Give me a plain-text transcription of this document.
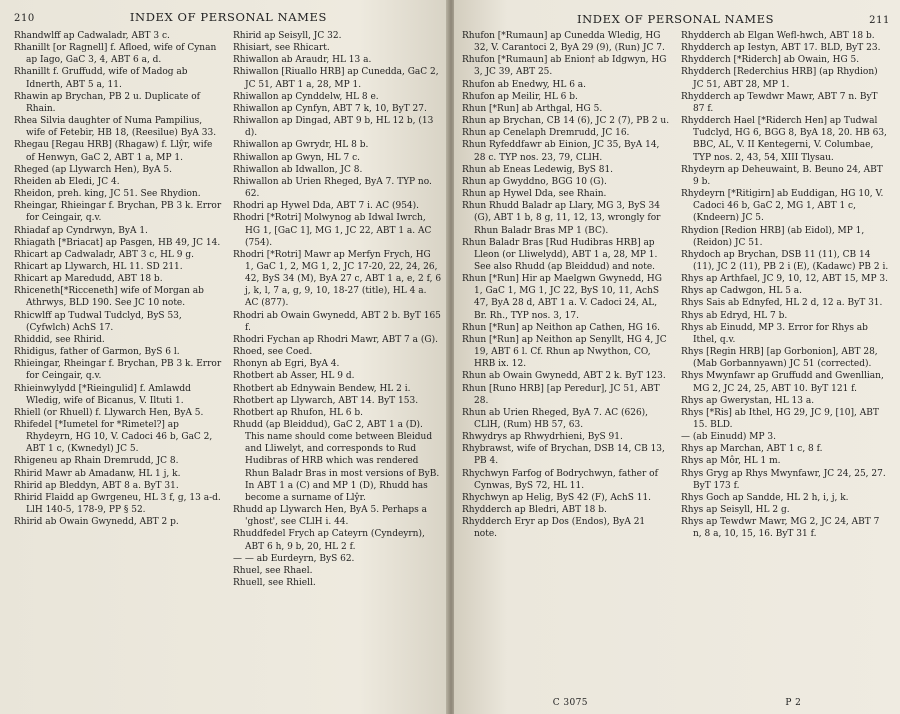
210	INDEX OF PERSONAL NAMES

Rhandwlff ap Cadwaladr, ABT 3 c.

Rhanillt [or Ragnell] f. Afloed, wife of Cynan ap Iago, GaC 3, 4, ABT 6 a, d.

Rhanillt f. Gruffudd, wife of Madog ab Idnerth, ABT 5 a, 11.

Rhawin ap Brychan, PB 2 u. Duplicate of Rhain.

Rhea Silvia daughter of Numa Pampilius, wife of Fetebir, HB 18, (Reesilue) ByA 33.

Rhegau [Regau HRB] (Rhagaw) f. Llŷr, wife of Henwyn, GaC 2, ABT 1 a, MP 1.

Rheged (ap Llywarch Hen), ByA 5.

Rheiden ab Eledi, JC 4.

Rheidon, preh. king, JC 51. See Rhydion.

Rheingar, Rhieingar f. Brychan, PB 3 k. Error for Ceingair, q.v.

Rhiadaf ap Cyndrwyn, ByA 1.

Rhiagath [*Briacat] ap Pasgen, HB 49, JC 14.

Rhicart ap Cadwaladr, ABT 3 c, HL 9 g.

Rhicart ap Llywarch, HL 11. SD 211.

Rhicart ap Maredudd, ABT 18 b.

Rhiceneth[*Ricceneth] wife of Morgan ab Athrwys, BLD 190. See JC 10 note.

Rhicwlff ap Tudwal Tudclyd, ByS 53, (Cyfwlch) AchS 17.

Rhiddid, see Rhirid.

Rhidigus, father of Garmon, ByS 6 l.

Rhieingar, Rheingar f. Brychan, PB 3 k. Error for Ceingair, q.v.

Rhieinwylydd [*Rieingulid] f. Amlawdd Wledig, wife of Bicanus, V. Iltuti 1.

Rhiell (or Rhuell) f. Llywarch Hen, ByA 5.

Rhifedel [*Iumetel for *Rimetel?] ap Rhydeyrn, HG 10, V. Cadoci 46 b, GaC 2, ABT 1 c, (Kwnedyl) JC 5.

Rhigeneu ap Rhain Dremrudd, JC 8.

Rhirid Mawr ab Amadanw, HL 1 j, k.

Rhirid ap Bleddyn, ABT 8 a. ByT 31.

Rhirid Flaidd ap Gwrgeneu, HL 3 f, g, 13 a-d. LlH 140-5, 178-9, PP § 52.

Rhirid ab Owain Gwynedd, ABT 2 p.

Rhirid ap Seisyll, JC 32.

Rhisiart, see Rhicart.

Rhiwallon ab Araudr, HL 13 a.

Rhiwallon [Riuallo HRB] ap Cunedda, GaC 2, JC 51, ABT 1 a, 28, MP 1.

Rhiwallon ap Cynddelw, HL 8 e.

Rhiwallon ap Cynfyn, ABT 7 k, 10, ByT 27.

Rhiwallon ap Dingad, ABT 9 b, HL 12 b, (13 d).

Rhiwallon ap Gwrydr, HL 8 b.

Rhiwallon ap Gwyn, HL 7 c.

Rhiwallon ab Idwallon, JC 8.

Rhiwallon ab Urien Rheged, ByA 7. TYP no. 62.

Rhodri ap Hywel Dda, ABT 7 i. AC (954).

Rhodri [*Rotri] Molwynog ab Idwal Iwrch, HG 1, [GaC 1], MG 1, JC 22, ABT 1 a. AC (754).

Rhodri [*Rotri] Mawr ap Merfyn Frych, HG 1, GaC 1, 2, MG 1, 2, JC 17-20, 22, 24, 26, 42, ByS 34 (M), ByA 27 c, ABT 1 a, e, 2 f, 6 j, k, l, 7 a, g, 9, 10, 18-27 (title), HL 4 a. AC (877).

Rhodri ab Owain Gwynedd, ABT 2 b. ByT 165 f.

Rhodri Fychan ap Rhodri Mawr, ABT 7 a (G).

Rhoed, see Coed.

Rhonyn ab Egri, ByA 4.

Rhotbert ab Asser, HL 9 d.

Rhotbert ab Ednywain Bendew, HL 2 i.

Rhotbert ap Llywarch, ABT 14. ByT 153.

Rhotbert ap Rhufon, HL 6 b.

Rhudd (ap Bleiddud), GaC 2, ABT 1 a (D). This name should come between Bleidud and Lliwelyt, and corresponds to Rud Hudibras of HRB which was rendered Rhun Baladr Bras in most versions of ByB. In ABT 1 a (C) and MP 1 (D), Rhudd has become a surname of Llŷr.

Rhudd ap Llywarch Hen, ByA 5. Perhaps a 'ghost', see CLlH i. 44.

Rhuddfedel Frych ap Cateyrn (Cyndeyrn), ABT 6 h, 9 b, 20, HL 2 f.

— — ab Eurdeyrn, ByS 62.

Rhuel, see Rhael.

Rhuell, see Rhiell.

INDEX OF PERSONAL NAMES	211

Rhufon [*Rumaun] ap Cunedda Wledig, HG 32, V. Carantoci 2, ByA 29 (9), (Run) JC 7.

Rhufon [*Rumaun] ab Enion† ab Idgwyn, HG 3, JC 39, ABT 25.

Rhufon ab Enedwy, HL 6 a.

Rhufon ap Meilir, HL 6 b.

Rhun [*Run] ab Arthgal, HG 5.

Rhun ap Brychan, CB 14 (6), JC 2 (7), PB 2 u.

Rhun ap Cenelaph Dremrudd, JC 16.

Rhun Ryfeddfawr ab Einion, JC 35, ByA 14, 28 c. TYP nos. 23, 79, CLlH.

Rhun ab Eneas Ledewig, ByS 81.

Rhun ap Gwyddno, BGG 10 (G).

Rhun ap Hywel Dda, see Rhain.

Rhun Rhudd Baladr ap Llary, MG 3, ByS 34 (G), ABT 1 b, 8 g, 11, 12, 13, wrongly for Rhun Baladr Bras MP 1 (BC).

Rhun Baladr Bras [Rud Hudibras HRB] ap Lleon (or Lliwelydd), ABT 1 a, 28, MP 1. See also Rhudd (ap Bleiddud) and note.

Rhun [*Run] Hir ap Maelgwn Gwynedd, HG 1, GaC 1, MG 1, JC 22, ByS 10, 11, AchS 47, ByA 28 d, ABT 1 a. V. Cadoci 24, AL, Br. Rh., TYP nos. 3, 17.

Rhun [*Run] ap Neithon ap Cathen, HG 16.

Rhun [*Run] ap Neithon ap Senyllt, HG 4, JC 19, ABT 6 l. Cf. Rhun ap Nwython, CO, HRB ix. 12.

Rhun ab Owain Gwynedd, ABT 2 k. ByT 123.

Rhun [Runo HRB] [ap Peredur], JC 51, ABT 28.

Rhun ab Urien Rheged, ByA 7. AC (626), CLlH, (Rum) HB 57, 63.

Rhwydrys ap Rhwydrhieni, ByS 91.

Rhybrawst, wife of Brychan, DSB 14, CB 13, PB 4.

Rhychwyn Farfog of Bodrychwyn, father of Cynwas, ByS 72, HL 11.

Rhychwyn ap Helig, ByS 42 (F), AchS 11.

Rhydderch ap Bledri, ABT 18 b.

Rhydderch Eryr ap Dos (Endos), ByA 21 note.

Rhydderch ab Elgan Wefl-hwch, ABT 18 b.

Rhydderch ap Iestyn, ABT 17. BLD, ByT 23.

Rhydderch [*Riderch] ab Owain, HG 5.

Rhydderch [Rederchius HRB] (ap Rhydion) JC 51, ABT 28, MP 1.

Rhydderch ap Tewdwr Mawr, ABT 7 n. ByT 87 f.

Rhydderch Hael [*Riderch Hen] ap Tudwal Tudclyd, HG 6, BGG 8, ByA 18, 20. HB 63, BBC, AL, V. II Kentegerni, V. Columbae, TYP nos. 2, 43, 54, XIII Tlysau.

Rhydeyrn ap Deheuwaint, B. Beuno 24, ABT 9 b.

Rhydeyrn [*Ritigirn] ab Euddigan, HG 10, V. Cadoci 46 b, GaC 2, MG 1, ABT 1 c, (Kndeern) JC 5.

Rhydion [Redion HRB] (ab Eidol), MP 1, (Reidon) JC 51.

Rhydoch ap Brychan, DSB 11 (11), CB 14 (11), JC 2 (11), PB 2 i (E), (Kadawc) PB 2 i.

Rhys ap Arthfael, JC 9, 10, 12, ABT 15, MP 3.

Rhys ap Cadwgon, HL 5 a.

Rhys Sais ab Ednyfed, HL 2 d, 12 a. ByT 31.

Rhys ab Edryd, HL 7 b.

Rhys ab Einudd, MP 3. Error for Rhys ab Ithel, q.v.

Rhys [Regin HRB] [ap Gorbonion], ABT 28, (Mab Gorbannyawn) JC 51 (corrected).

Rhys Mwynfawr ap Gruffudd and Gwenllian, MG 2, JC 24, 25, ABT 10. ByT 121 f.

Rhys ap Gwerystan, HL 13 a.

Rhys [*Ris] ab Ithel, HG 29, JC 9, [10], ABT 15. BLD.

— (ab Einudd) MP 3.

Rhys ap Marchan, ABT 1 c, 8 f.

Rhys ap Môr, HL 1 m.

Rhys Gryg ap Rhys Mwynfawr, JC 24, 25, 27. ByT 173 f.

Rhys Goch ap Sandde, HL 2 h, i, j, k.

Rhys ap Seisyll, HL 2 g.

Rhys ap Tewdwr Mawr, MG 2, JC 24, ABT 7 n, 8 a, 10, 15, 16. ByT 31 f.

C 3075	P 2
